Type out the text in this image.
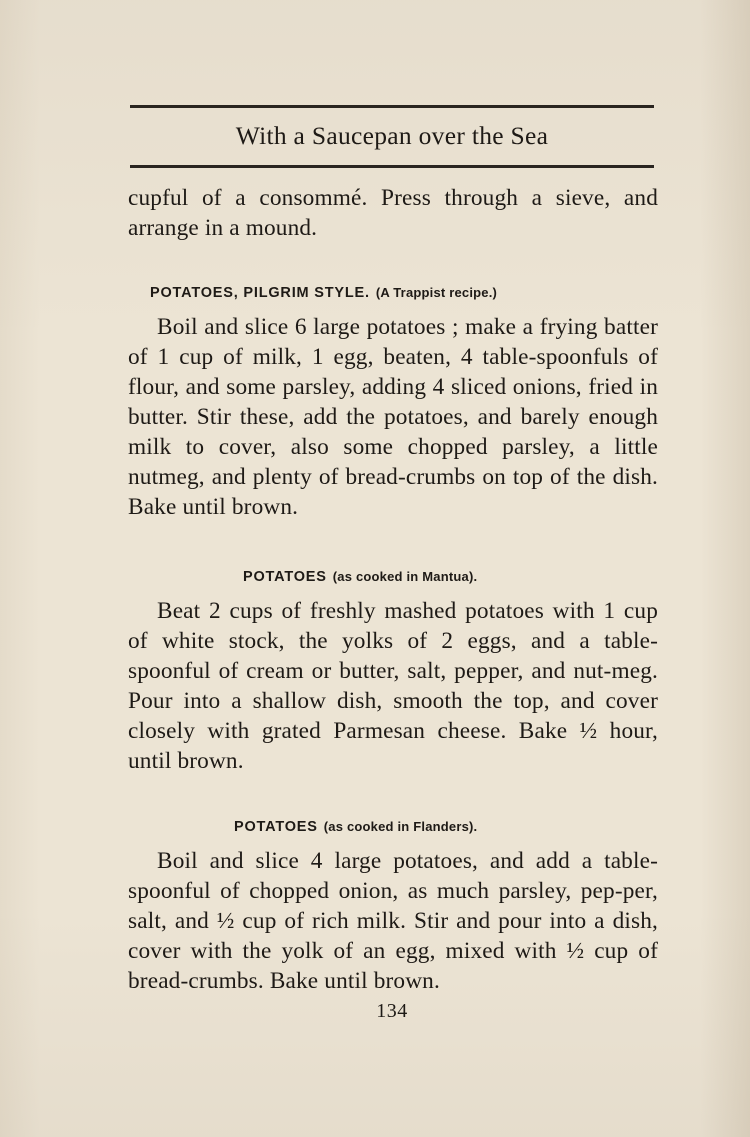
With a Saucepan over the Sea

cupful of a consommé. Press through a sieve, and arrange in a mound.

POTATOES, PILGRIM STYLE. (A Trappist recipe.)

Boil and slice 6 large potatoes ; make a frying batter of 1 cup of milk, 1 egg, beaten, 4 table-spoonfuls of flour, and some parsley, adding 4 sliced onions, fried in butter. Stir these, add the potatoes, and barely enough milk to cover, also some chopped parsley, a little nutmeg, and plenty of bread-crumbs on top of the dish. Bake until brown.

POTATOES (as cooked in Mantua).

Beat 2 cups of freshly mashed potatoes with 1 cup of white stock, the yolks of 2 eggs, and a table-spoonful of cream or butter, salt, pepper, and nut-meg. Pour into a shallow dish, smooth the top, and cover closely with grated Parmesan cheese. Bake ½ hour, until brown.

POTATOES (as cooked in Flanders).

Boil and slice 4 large potatoes, and add a table-spoonful of chopped onion, as much parsley, pep-per, salt, and ½ cup of rich milk. Stir and pour into a dish, cover with the yolk of an egg, mixed with ½ cup of bread-crumbs. Bake until brown.

134
